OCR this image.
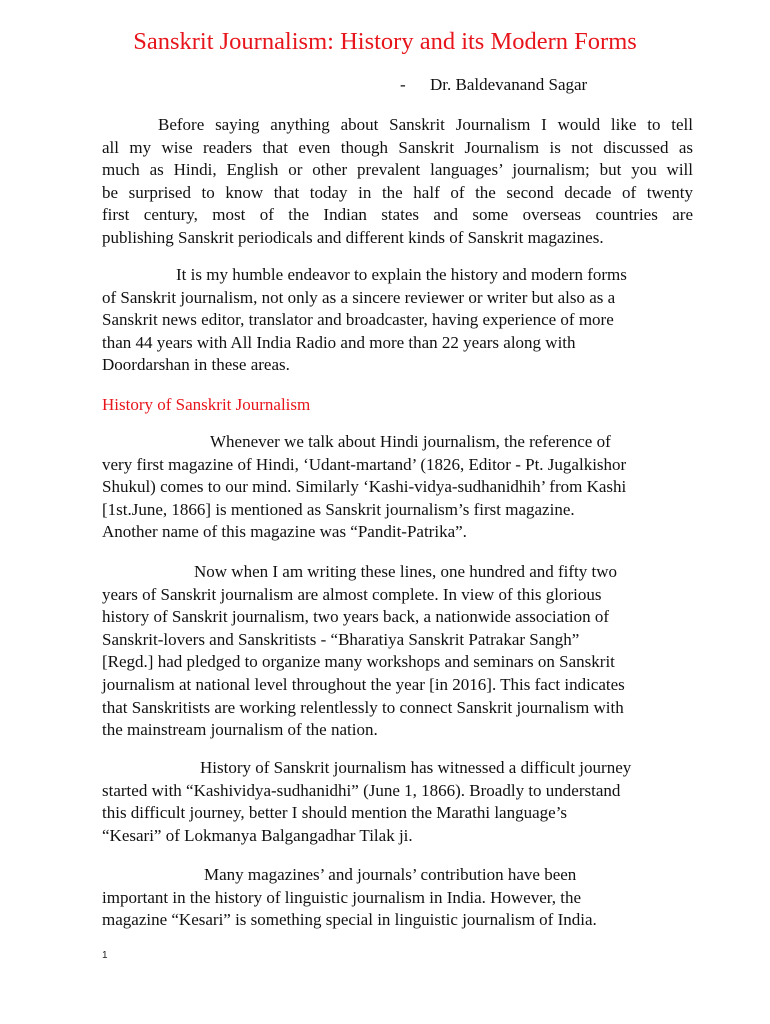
Sanskrit Journalism: History and its Modern Forms
- Dr. Baldevanand Sagar

Before saying anything about Sanskrit Journalism I would like to tell
all my wise readers that even though Sanskrit Journalism is not discussed as
much as Hindi, English or other prevalent languages’ journalism; but you will
be surprised to know that today in the half of the second decade of twenty
first century, most of the Indian states and some overseas countries are
publishing Sanskrit periodicals and different kinds of Sanskrit magazines.

It is my humble endeavor to explain the history and modern forms
of Sanskrit journalism, not only as a sincere reviewer or writer but also as a
Sanskrit news editor, translator and broadcaster, having experience of more
than 44 years with All India Radio and more than 22 years along with
Doordarshan in these areas.

History of Sanskrit Journalism

Whenever we talk about Hindi journalism, the reference of
very first magazine of Hindi, ‘Udant-martand’ (1826, Editor - Pt. Jugalkishor
Shukul) comes to our mind. Similarly ‘Kashi-vidya-sudhanidhih’ from Kashi
[1st.June, 1866] is mentioned as Sanskrit journalism’s first magazine.
Another name of this magazine was “Pandit-Patrika”.

Now when I am writing these lines, one hundred and fifty two
years of Sanskrit journalism are almost complete. In view of this glorious
history of Sanskrit journalism, two years back, a nationwide association of
Sanskrit-lovers and Sanskritists - “Bharatiya Sanskrit Patrakar Sangh”
[Regd.] had pledged to organize many workshops and seminars on Sanskrit
journalism at national level throughout the year [in 2016]. This fact indicates
that Sanskritists are working relentlessly to connect Sanskrit journalism with
the mainstream journalism of the nation.

History of Sanskrit journalism has witnessed a difficult journey
started with “Kashividya-sudhanidhi” (June 1, 1866). Broadly to understand
this difficult journey, better I should mention the Marathi language’s
“Kesari” of Lokmanya Balgangadhar Tilak ji.

Many magazines’ and journals’ contribution have been
important in the history of linguistic journalism in India. However, the
magazine “Kesari” is something special in linguistic journalism of India.

1
